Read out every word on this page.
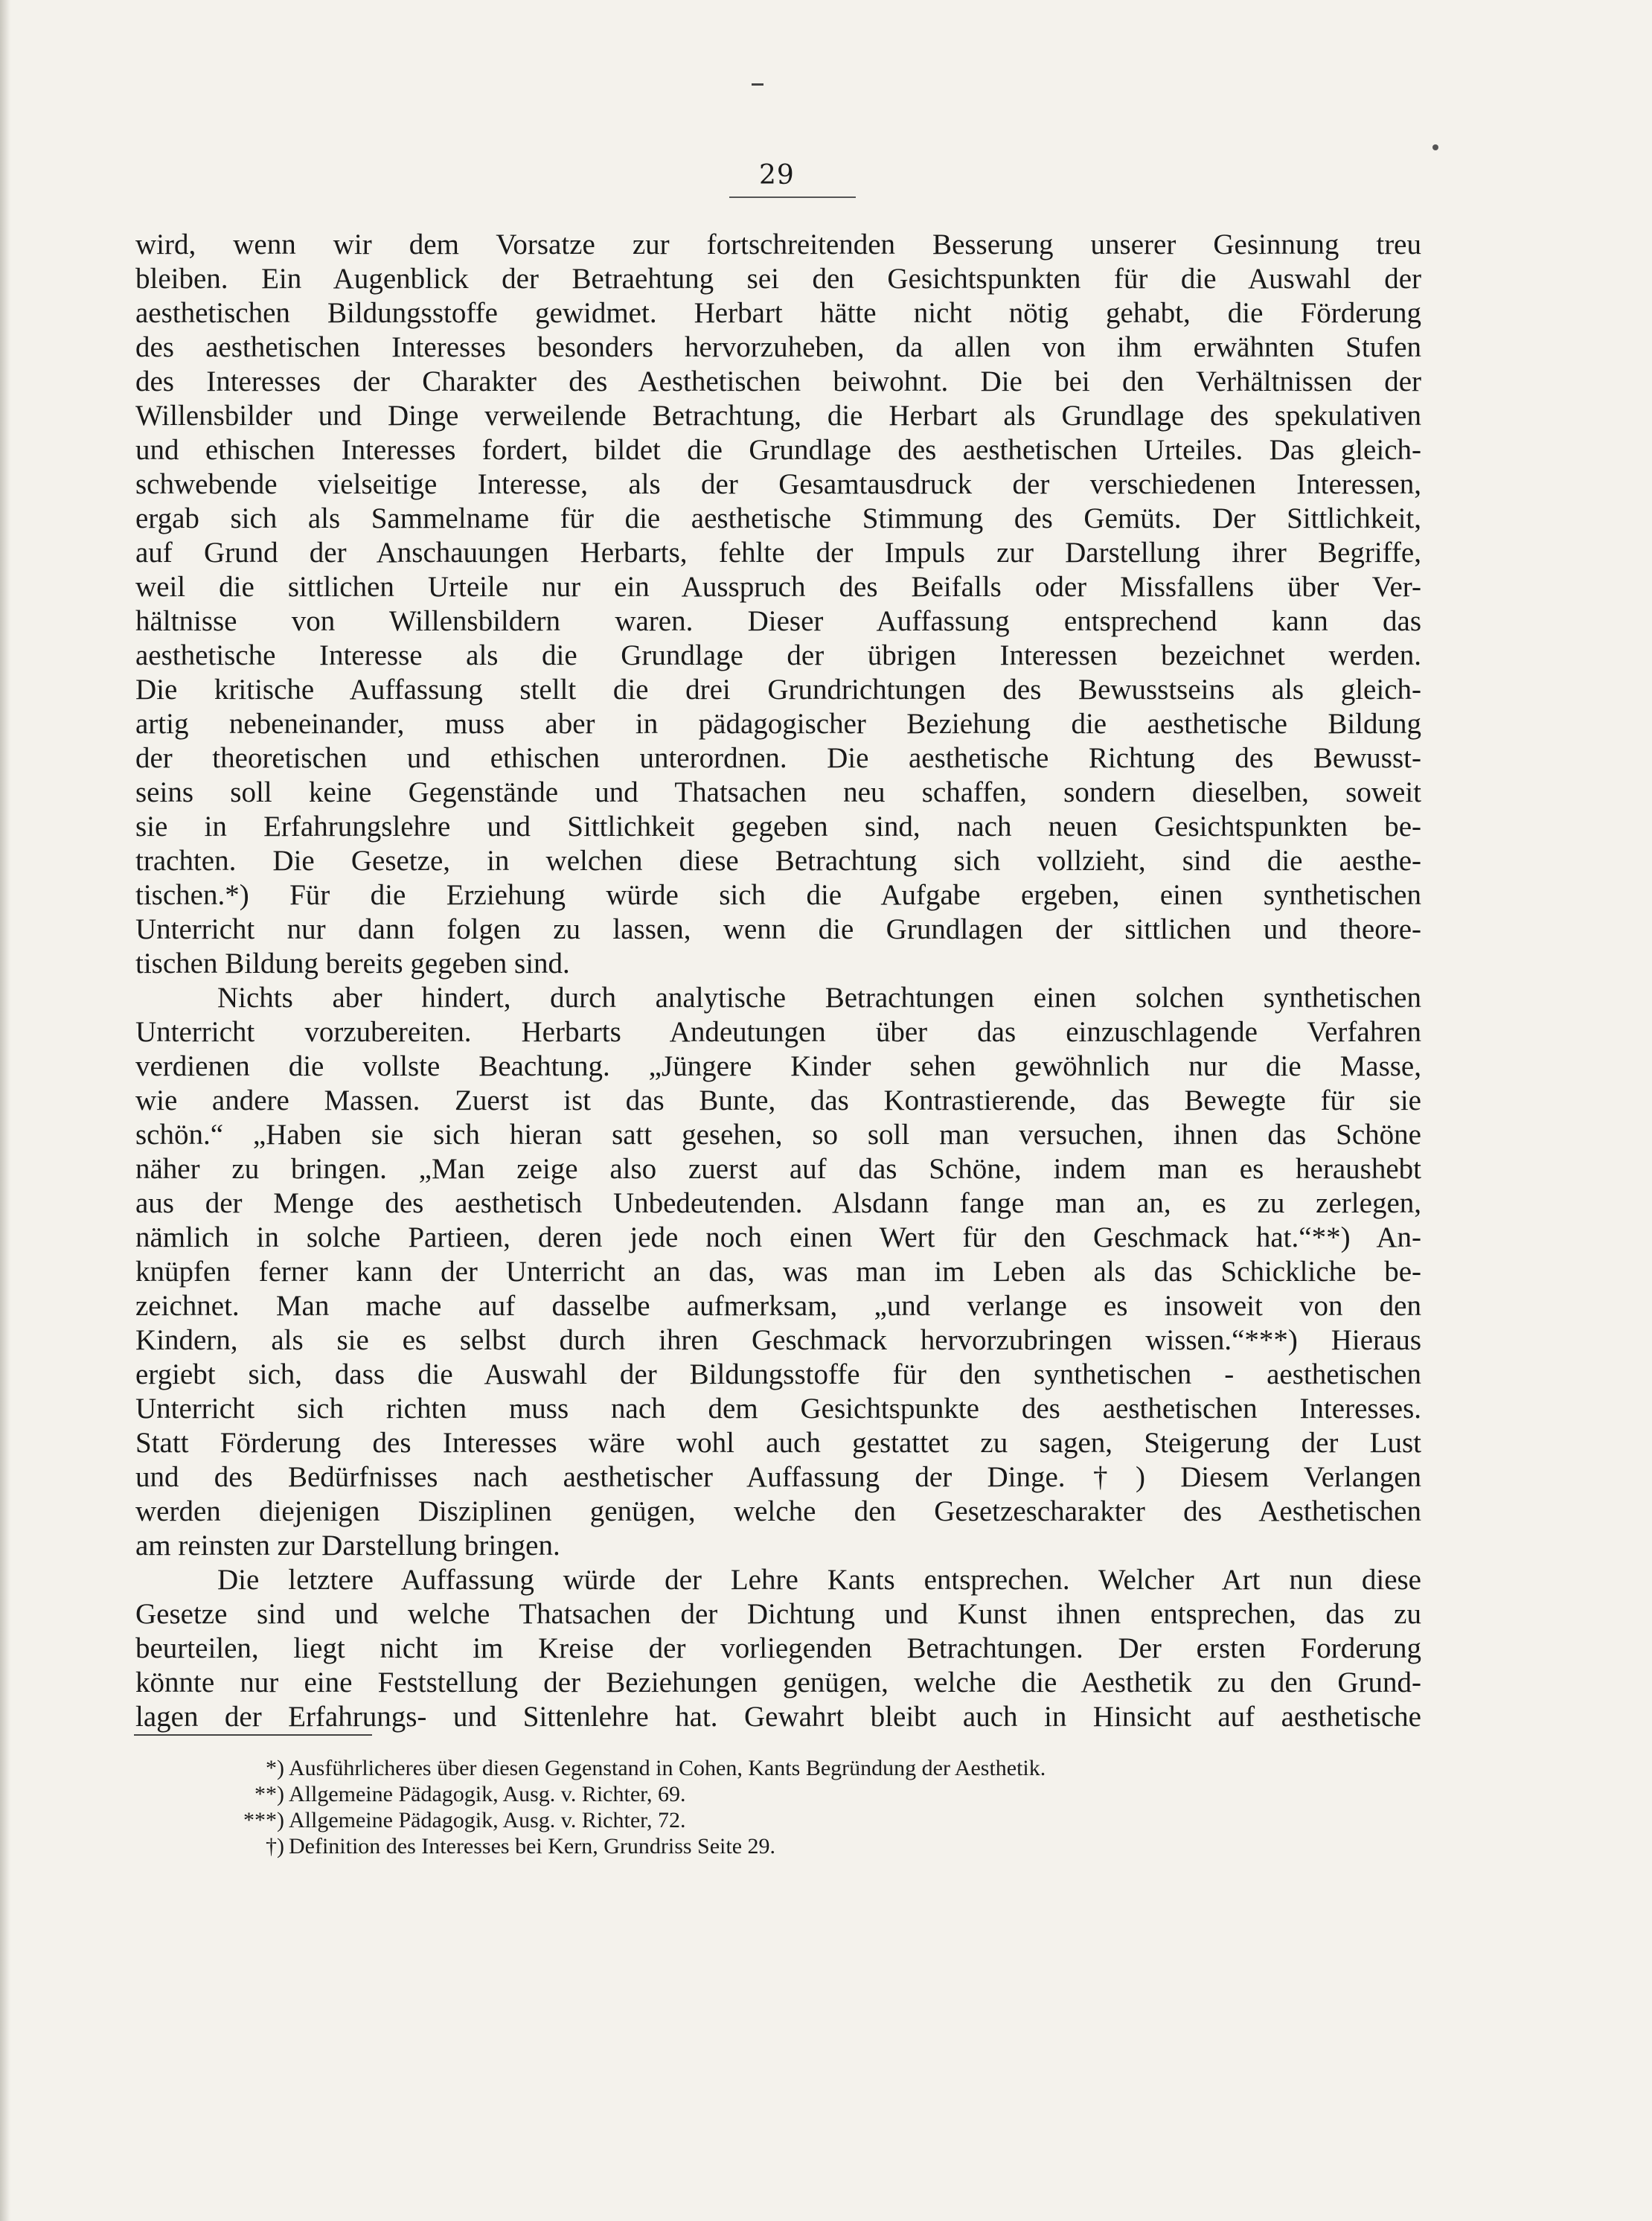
29
wird, wenn wir dem Vorsatze zur fortschreitenden Besserung unserer Gesinnung treu
bleiben. Ein Augenblick der Betraehtung sei den Gesichtspunkten für die Auswahl der
aesthetischen Bildungsstoffe gewidmet. Herbart hätte nicht nötig gehabt, die Förderung
des aesthetischen Interesses besonders hervorzuheben, da allen von ihm erwähnten Stufen
des Interesses der Charakter des Aesthetischen beiwohnt. Die bei den Verhältnissen der
Willensbilder und Dinge verweilende Betrachtung, die Herbart als Grundlage des spekulativen
und ethischen Interesses fordert, bildet die Grundlage des aesthetischen Urteiles. Das gleich-
schwebende vielseitige Interesse, als der Gesamtausdruck der verschiedenen Interessen,
ergab sich als Sammelname für die aesthetische Stimmung des Gemüts. Der Sittlichkeit,
auf Grund der Anschauungen Herbarts, fehlte der Impuls zur Darstellung ihrer Begriffe,
weil die sittlichen Urteile nur ein Ausspruch des Beifalls oder Missfallens über Ver-
hältnisse von Willensbildern waren. Dieser Auffassung entsprechend kann das
aesthetische Interesse als die Grundlage der übrigen Interessen bezeichnet werden.
Die kritische Auffassung stellt die drei Grundrichtungen des Bewusstseins als gleich-
artig nebeneinander, muss aber in pädagogischer Beziehung die aesthetische Bildung
der theoretischen und ethischen unterordnen. Die aesthetische Richtung des Bewusst-
seins soll keine Gegenstände und Thatsachen neu schaffen, sondern dieselben, soweit
sie in Erfahrungslehre und Sittlichkeit gegeben sind, nach neuen Gesichtspunkten be-
trachten. Die Gesetze, in welchen diese Betrachtung sich vollzieht, sind die aesthe-
tischen.*) Für die Erziehung würde sich die Aufgabe ergeben, einen synthetischen
Unterricht nur dann folgen zu lassen, wenn die Grundlagen der sittlichen und theore-
tischen Bildung bereits gegeben sind.
Nichts aber hindert, durch analytische Betrachtungen einen solchen synthetischen
Unterricht vorzubereiten. Herbarts Andeutungen über das einzuschlagende Verfahren
verdienen die vollste Beachtung. „Jüngere Kinder sehen gewöhnlich nur die Masse,
wie andere Massen. Zuerst ist das Bunte, das Kontrastierende, das Bewegte für sie
schön.“ „Haben sie sich hieran satt gesehen, so soll man versuchen, ihnen das Schöne
näher zu bringen. „Man zeige also zuerst auf das Schöne, indem man es heraushebt
aus der Menge des aesthetisch Unbedeutenden. Alsdann fange man an, es zu zerlegen,
nämlich in solche Partieen, deren jede noch einen Wert für den Geschmack hat.“**) An-
knüpfen ferner kann der Unterricht an das, was man im Leben als das Schickliche be-
zeichnet. Man mache auf dasselbe aufmerksam, „und verlange es insoweit von den
Kindern, als sie es selbst durch ihren Geschmack hervorzubringen wissen.“***) Hieraus
ergiebt sich, dass die Auswahl der Bildungsstoffe für den synthetischen - aesthetischen
Unterricht sich richten muss nach dem Gesichtspunkte des aesthetischen Interesses.
Statt Förderung des Interesses wäre wohl auch gestattet zu sagen, Steigerung der Lust
und des Bedürfnisses nach aesthetischer Auffassung der Dinge.†) Diesem Verlangen
werden diejenigen Disziplinen genügen, welche den Gesetzescharakter des Aesthetischen
am reinsten zur Darstellung bringen.
Die letztere Auffassung würde der Lehre Kants entsprechen. Welcher Art nun diese
Gesetze sind und welche Thatsachen der Dichtung und Kunst ihnen entsprechen, das zu
beurteilen, liegt nicht im Kreise der vorliegenden Betrachtungen. Der ersten Forderung
könnte nur eine Feststellung der Beziehungen genügen, welche die Aesthetik zu den Grund-
lagen der Erfahrungs- und Sittenlehre hat. Gewahrt bleibt auch in Hinsicht auf aesthetische
*) Ausführlicheres über diesen Gegenstand in Cohen, Kants Begründung der Aesthetik.
**) Allgemeine Pädagogik, Ausg. v. Richter, 69.
***) Allgemeine Pädagogik, Ausg. v. Richter, 72.
†) Definition des Interesses bei Kern, Grundriss Seite 29.
